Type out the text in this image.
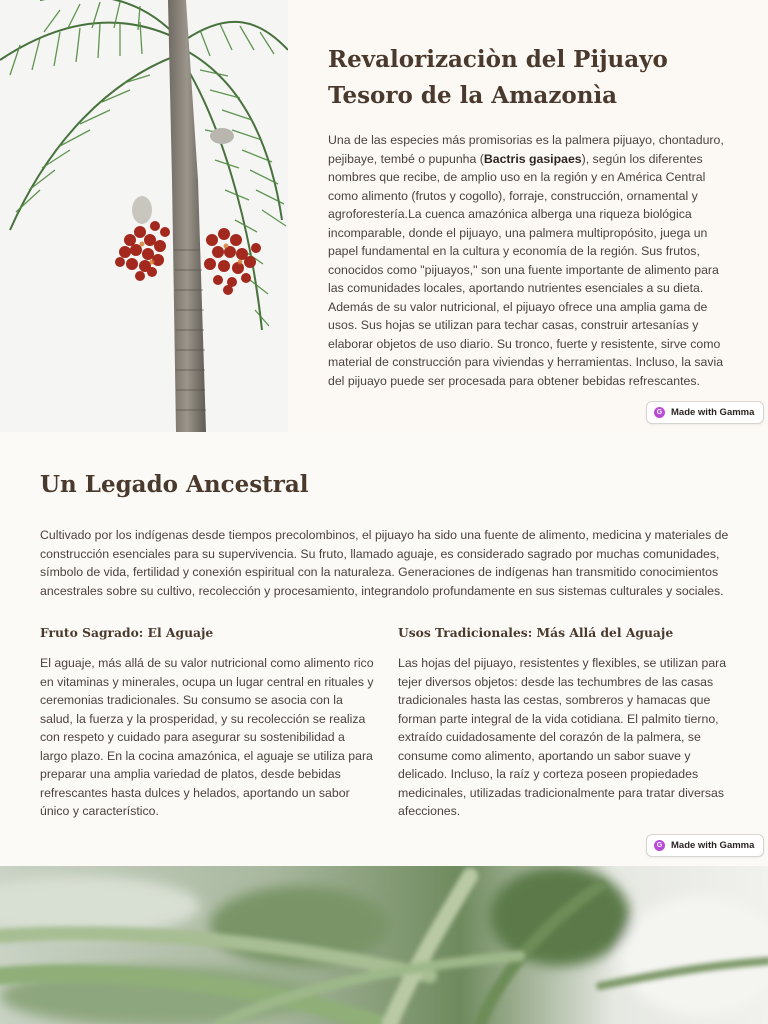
Revalorizaciòn del Pijuayo
Tesoro de la Amazonìa

Una de las especies más promisorias es la palmera pijuayo, chontaduro, pejibaye, tembé o pupunha (Bactris gasipaes), según los diferentes nombres que recibe, de amplio uso en la región y en América Central como alimento (frutos y cogollo), forraje, construcción, ornamental y agroforestería.La cuenca amazónica alberga una riqueza biológica incomparable, donde el pijuayo, una palmera multipropósito, juega un papel fundamental en la cultura y economía de la región. Sus frutos, conocidos como "pijuayos," son una fuente importante de alimento para las comunidades locales, aportando nutrientes esenciales a su dieta. Además de su valor nutricional, el pijuayo ofrece una amplia gama de usos. Sus hojas se utilizan para techar casas, construir artesanías y elaborar objetos de uso diario. Su tronco, fuerte y resistente, sirve como material de construcción para viviendas y herramientas. Incluso, la savia del pijuayo puede ser procesada para obtener bebidas refrescantes.

G Made with Gamma
Un Legado Ancestral

Cultivado por los indígenas desde tiempos precolombinos, el pijuayo ha sido una fuente de alimento, medicina y materiales de construcción esenciales para su supervivencia. Su fruto, llamado aguaje, es considerado sagrado por muchas comunidades, símbolo de vida, fertilidad y conexión espiritual con la naturaleza. Generaciones de indígenas han transmitido conocimientos ancestrales sobre su cultivo, recolección y procesamiento, integrandolo profundamente en sus sistemas culturales y sociales.

Fruto Sagrado: El Aguaje

El aguaje, más allá de su valor nutricional como alimento rico en vitaminas y minerales, ocupa un lugar central en rituales y ceremonias tradicionales. Su consumo se asocia con la salud, la fuerza y la prosperidad, y su recolección se realiza con respeto y cuidado para asegurar su sostenibilidad a largo plazo. En la cocina amazónica, el aguaje se utiliza para preparar una amplia variedad de platos, desde bebidas refrescantes hasta dulces y helados, aportando un sabor único y característico.

Usos Tradicionales: Más Allá del Aguaje

Las hojas del pijuayo, resistentes y flexibles, se utilizan para tejer diversos objetos: desde las techumbres de las casas tradicionales hasta las cestas, sombreros y hamacas que forman parte integral de la vida cotidiana. El palmito tierno, extraído cuidadosamente del corazón de la palmera, se consume como alimento, aportando un sabor suave y delicado. Incluso, la raíz y corteza poseen propiedades medicinales, utilizadas tradicionalmente para tratar diversas afecciones.

G Made with Gamma
